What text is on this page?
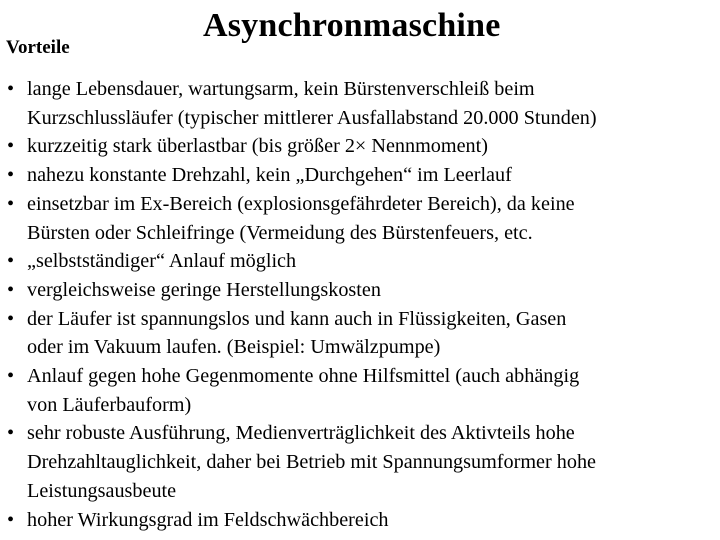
Asynchronmaschine
Vorteile
• lange Lebensdauer, wartungsarm, kein Bürstenverschleiß beim
Kurzschlussläufer (typischer mittlerer Ausfallabstand 20.000 Stunden)
• kurzzeitig stark überlastbar (bis größer 2× Nennmoment)
• nahezu konstante Drehzahl, kein „Durchgehen“ im Leerlauf
• einsetzbar im Ex-Bereich (explosionsgefährdeter Bereich), da keine
Bürsten oder Schleifringe (Vermeidung des Bürstenfeuers, etc.
• „selbstständiger“ Anlauf möglich
• vergleichsweise geringe Herstellungskosten
• der Läufer ist spannungslos und kann auch in Flüssigkeiten, Gasen
oder im Vakuum laufen. (Beispiel: Umwälzpumpe)
• Anlauf gegen hohe Gegenmomente ohne Hilfsmittel (auch abhängig
von Läuferbauform)
• sehr robuste Ausführung, Medienverträglichkeit des Aktivteils hohe
Drehzahltauglichkeit, daher bei Betrieb mit Spannungsumformer hohe
Leistungsausbeute
• hoher Wirkungsgrad im Feldschwächbereich
